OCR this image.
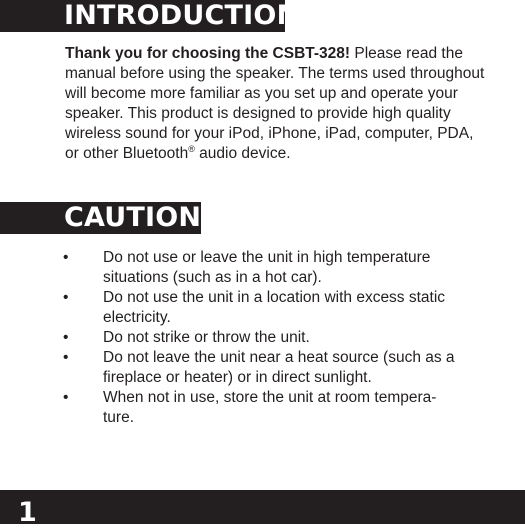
INTRODUCTION

Thank you for choosing the CSBT-328! Please read the manual before using the speaker. The terms used throughout will become more familiar as you set up and operate your speaker. This product is designed to provide high quality wireless sound for your iPod, iPhone, iPad, computer, PDA, or other Bluetooth® audio device.

CAUTION
• Do not use or leave the unit in high temperature situations (such as in a hot car).
• Do not use the unit in a location with excess static electricity.
• Do not strike or throw the unit.
• Do not leave the unit near a heat source (such as a fireplace or heater) or in direct sunlight.
• When not in use, store the unit at room tempera-ture.
1
